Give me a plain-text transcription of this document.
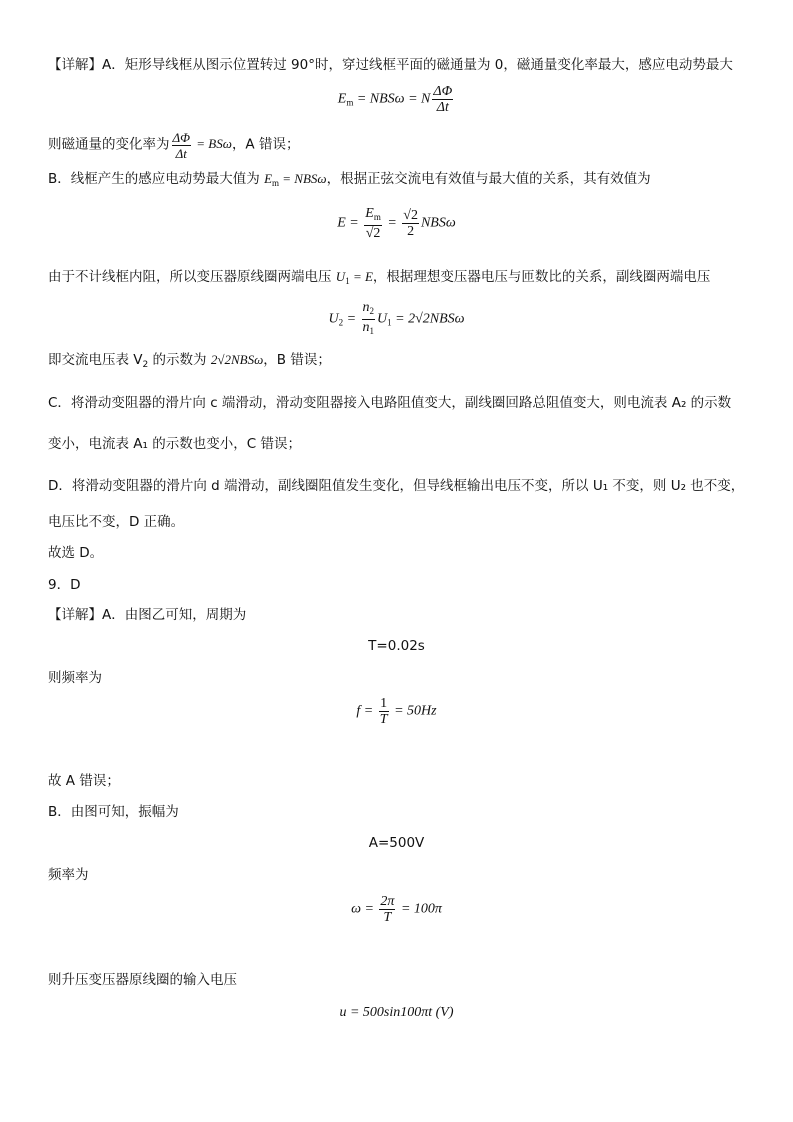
【详解】A．矩形导线框从图示位置转过 90°时，穿过线框平面的磁通量为 0，磁通量变化率最大，感应电动势最大
$E_m = NBS\omega = N \frac{\Delta\Phi}{\Delta t}$
则磁通量的变化率为 $\frac{\Delta\Phi}{\Delta t} = BS\omega$，A 错误；
B．线框产生的感应电动势最大值为 $E_m = NBS\omega$，根据正弦交流电有效值与最大值的关系，其有效值为
$E = \frac{E_m}{√2} = \frac{√2}{2}$ NBSω
由于不计线框内阻，所以变压器原线圈两端电压 $U_1 = E$，根据理想变压器电压与匝数比的关系，副线圈两端电压
$U_2 = \frac{n_2}{n_1} U_1 = 2√2NBS\omega$
即交流电压表 $V_2$ 的示数为 2√2NBSω，B 错误；
C．将滑动变阻器的滑片向 c 端滑动，滑动变阻器接入电路阻值变大，副线圈回路总阻值变大，则电流表 A₂ 的示数
变小，电流表 A₁ 的示数也变小，C 错误；
D．将滑动变阻器的滑片向 d 端滑动，副线圈阻值发生变化，但导线框输出电压不变，所以 U₁ 不变，则 U₂ 也不变，
电压比不变，D 正确。
故选 D。
9．D
【详解】A．由图乙可知，周期为
T=0.02s
则频率为
$f = \frac{1}{T} = 50Hz$
故 A 错误；
B．由图可知，振幅为
A=500V
频率为
$\omega = \frac{2\pi}{T} = 100\pi$
则升压变压器原线圈的输入电压
u = 500sin100πt (V)
